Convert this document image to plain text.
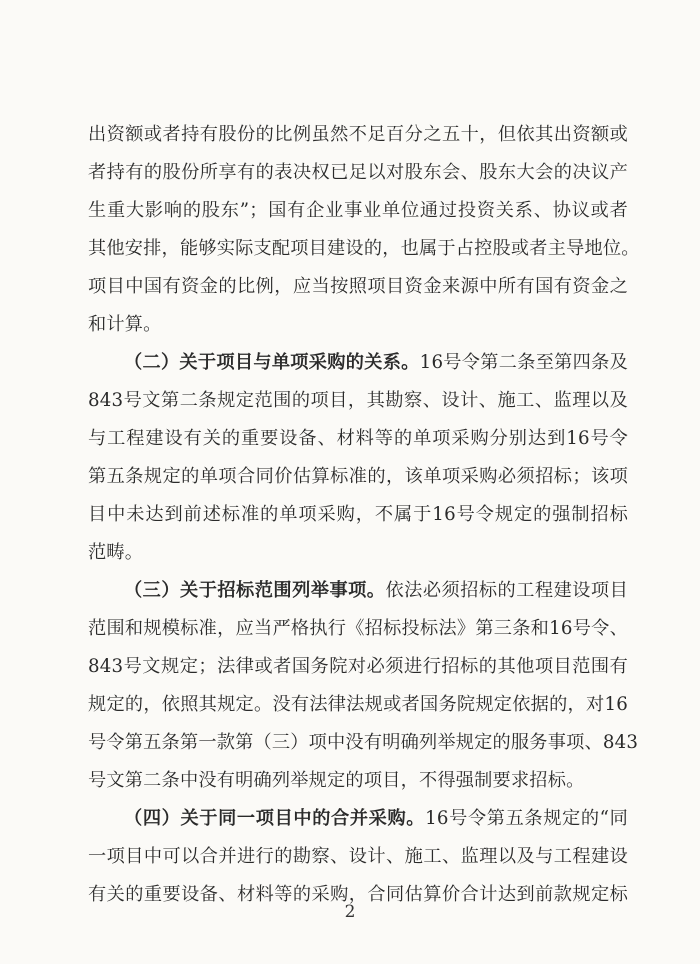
出资额或者持有股份的比例虽然不足百分之五十，但依其出资额或
者持有的股份所享有的表决权已足以对股东会、股东大会的决议产
生重大影响的股东”；国有企业事业单位通过投资关系、协议或者
其他安排，能够实际支配项目建设的，也属于占控股或者主导地位。
项目中国有资金的比例，应当按照项目资金来源中所有国有资金之
和计算。
（二）关于项目与单项采购的关系。16号令第二条至第四条及
843号文第二条规定范围的项目，其勘察、设计、施工、监理以及
与工程建设有关的重要设备、材料等的单项采购分别达到16号令
第五条规定的单项合同价估算标准的，该单项采购必须招标；该项
目中未达到前述标准的单项采购，不属于16号令规定的强制招标
范畴。
（三）关于招标范围列举事项。依法必须招标的工程建设项目
范围和规模标准，应当严格执行《招标投标法》第三条和16号令、
843号文规定；法律或者国务院对必须进行招标的其他项目范围有
规定的，依照其规定。没有法律法规或者国务院规定依据的，对16
号令第五条第一款第（三）项中没有明确列举规定的服务事项、843
号文第二条中没有明确列举规定的项目，不得强制要求招标。
（四）关于同一项目中的合并采购。16号令第五条规定的“同
一项目中可以合并进行的勘察、设计、施工、监理以及与工程建设
有关的重要设备、材料等的采购，合同估算价合计达到前款规定标
2
